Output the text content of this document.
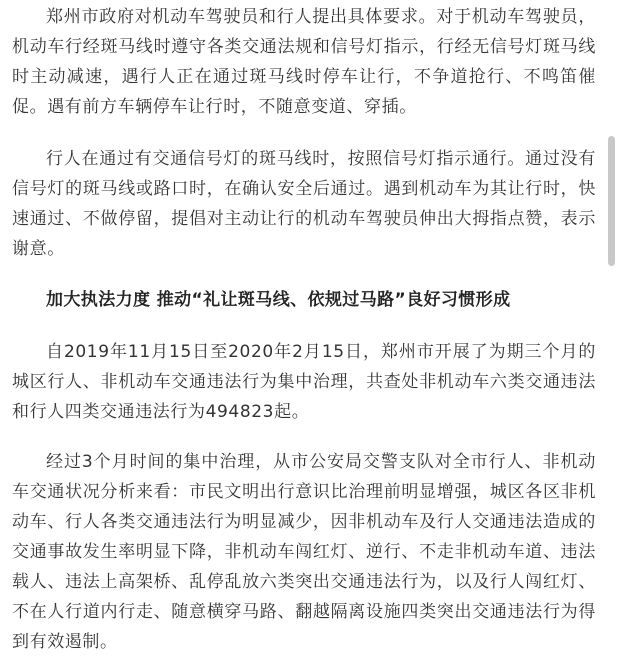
郑州市政府对机动车驾驶员和行人提出具体要求。对于机动车驾驶员，机动车行经斑马线时遵守各类交通法规和信号灯指示，行经无信号灯斑马线时主动减速，遇行人正在通过斑马线时停车让行，不争道抢行、不鸣笛催促。遇有前方车辆停车让行时，不随意变道、穿插。

行人在通过有交通信号灯的斑马线时，按照信号灯指示通行。通过没有信号灯的斑马线或路口时，在确认安全后通过。遇到机动车为其让行时，快速通过、不做停留，提倡对主动让行的机动车驾驶员伸出大拇指点赞，表示谢意。

加大执法力度 推动“礼让斑马线、依规过马路”良好习惯形成

自2019年11月15日至2020年2月15日，郑州市开展了为期三个月的城区行人、非机动车交通违法行为集中治理，共查处非机动车六类交通违法和行人四类交通违法行为494823起。

经过3个月时间的集中治理，从市公安局交警支队对全市行人、非机动车交通状况分析来看：市民文明出行意识比治理前明显增强，城区各区非机动车、行人各类交通违法行为明显减少，因非机动车及行人交通违法造成的交通事故发生率明显下降，非机动车闯红灯、逆行、不走非机动车道、违法载人、违法上高架桥、乱停乱放六类突出交通违法行为，以及行人闯红灯、不在人行道内行走、随意横穿马路、翻越隔离设施四类突出交通违法行为得到有效遏制。
